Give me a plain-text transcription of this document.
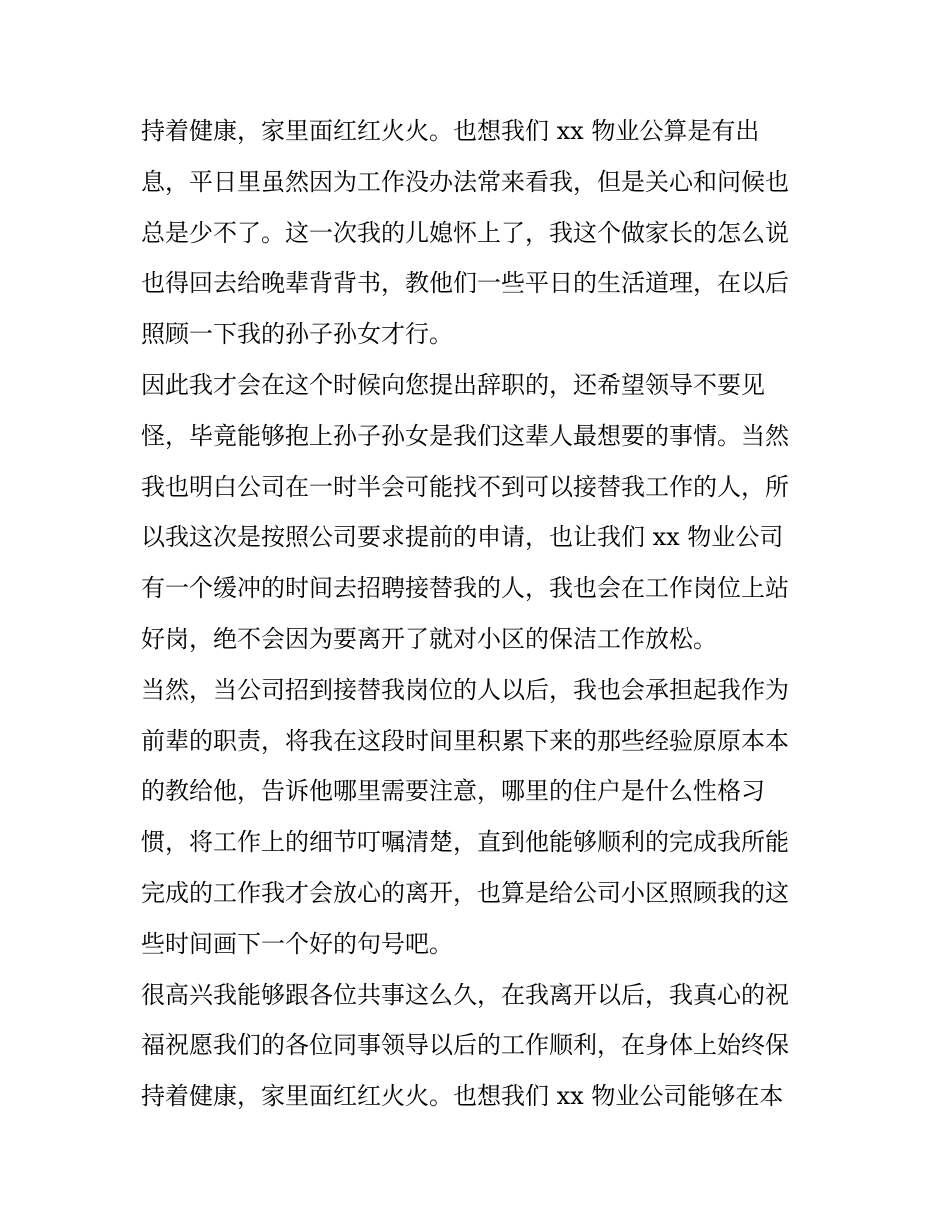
持着健康，家里面红红火火。也想我们 xx 物业公算是有出
息，平日里虽然因为工作没办法常来看我，但是关心和问候也
总是少不了。这一次我的儿媳怀上了，我这个做家长的怎么说
也得回去给晚辈背背书，教他们一些平日的生活道理，在以后
照顾一下我的孙子孙女才行。
因此我才会在这个时候向您提出辞职的，还希望领导不要见
怪，毕竟能够抱上孙子孙女是我们这辈人最想要的事情。当然
我也明白公司在一时半会可能找不到可以接替我工作的人，所
以我这次是按照公司要求提前的申请，也让我们 xx 物业公司
有一个缓冲的时间去招聘接替我的人，我也会在工作岗位上站
好岗，绝不会因为要离开了就对小区的保洁工作放松。
当然，当公司招到接替我岗位的人以后，我也会承担起我作为
前辈的职责，将我在这段时间里积累下来的那些经验原原本本
的教给他，告诉他哪里需要注意，哪里的住户是什么性格习
惯，将工作上的细节叮嘱清楚，直到他能够顺利的完成我所能
完成的工作我才会放心的离开，也算是给公司小区照顾我的这
些时间画下一个好的句号吧。
很高兴我能够跟各位共事这么久，在我离开以后，我真心的祝
福祝愿我们的各位同事领导以后的工作顺利，在身体上始终保
持着健康，家里面红红火火。也想我们 xx 物业公司能够在本
